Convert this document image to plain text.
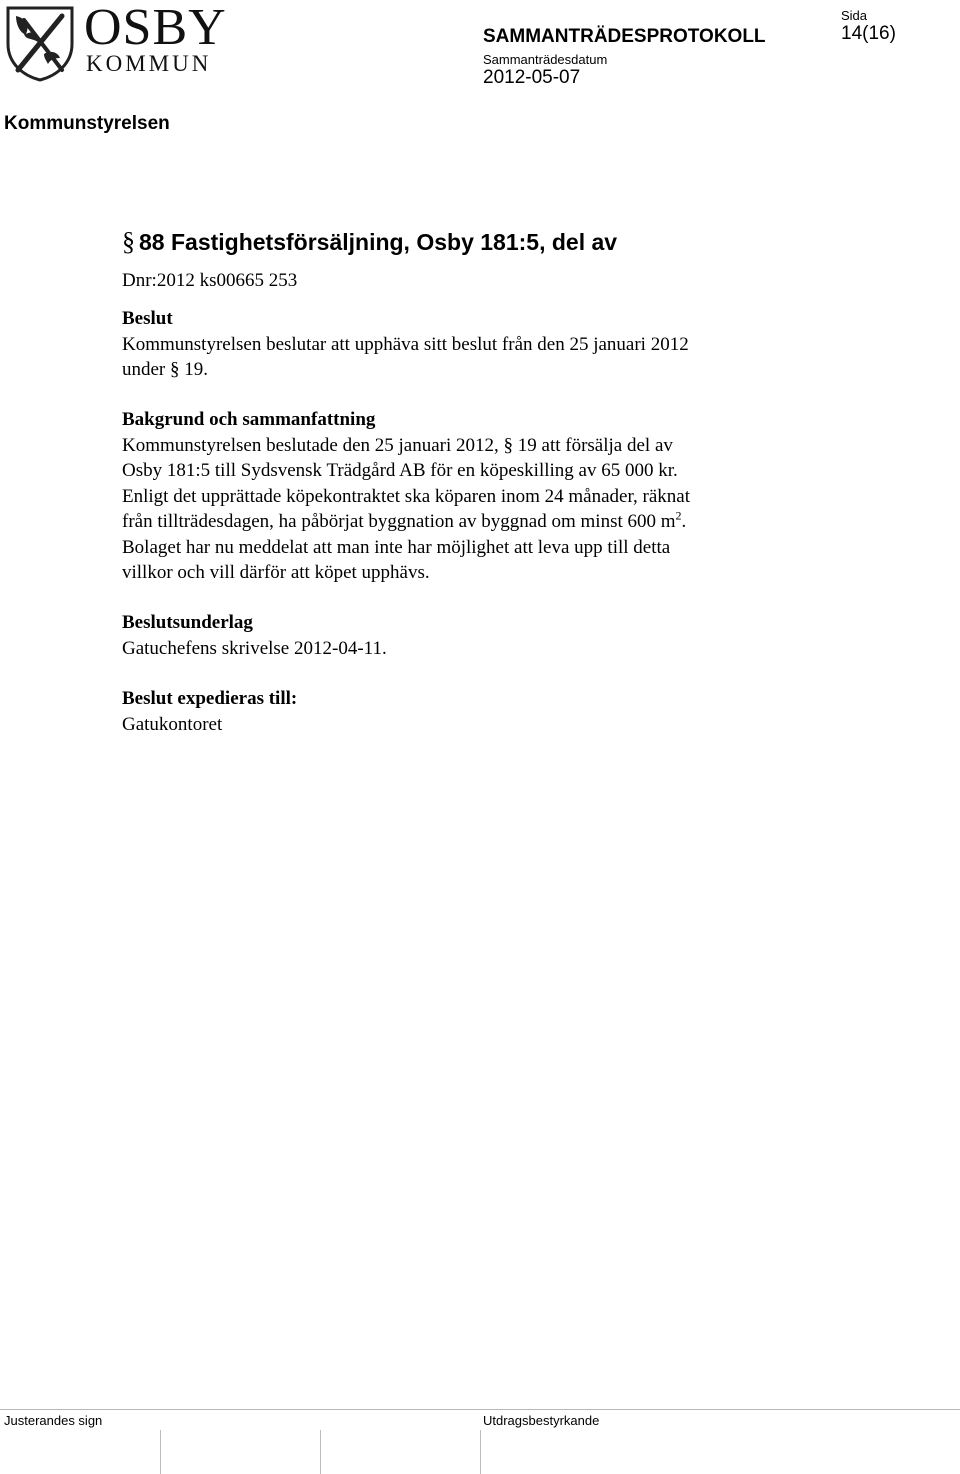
OSBY
KOMMUN
SAMMANTRÄDESPROTOKOLL
Sammanträdesdatum
2012-05-07
Sida
14(16)
Kommunstyrelsen
§ 88 Fastighetsförsäljning, Osby 181:5, del av
Dnr:2012 ks00665 253

Beslut

Kommunstyrelsen beslutar att upphäva sitt beslut från den 25 januari 2012

under § 19.

Bakgrund och sammanfattning

Kommunstyrelsen beslutade den 25 januari 2012, § 19 att försälja del av

Osby 181:5 till Sydsvensk Trädgård AB för en köpeskilling av 65 000 kr.

Enligt det upprättade köpekontraktet ska köparen inom 24 månader, räknat

från tillträdesdagen, ha påbörjat byggnation av byggnad om minst 600 $m^2$.

Bolaget har nu meddelat att man inte har möjlighet att leva upp till detta

villkor och vill därför att köpet upphävs.

Beslutsunderlag

Gatuchefens skrivelse 2012-04-11.

Beslut expedieras till:

Gatukontoret

Justerandes sign	Utdragsbestyrkande
